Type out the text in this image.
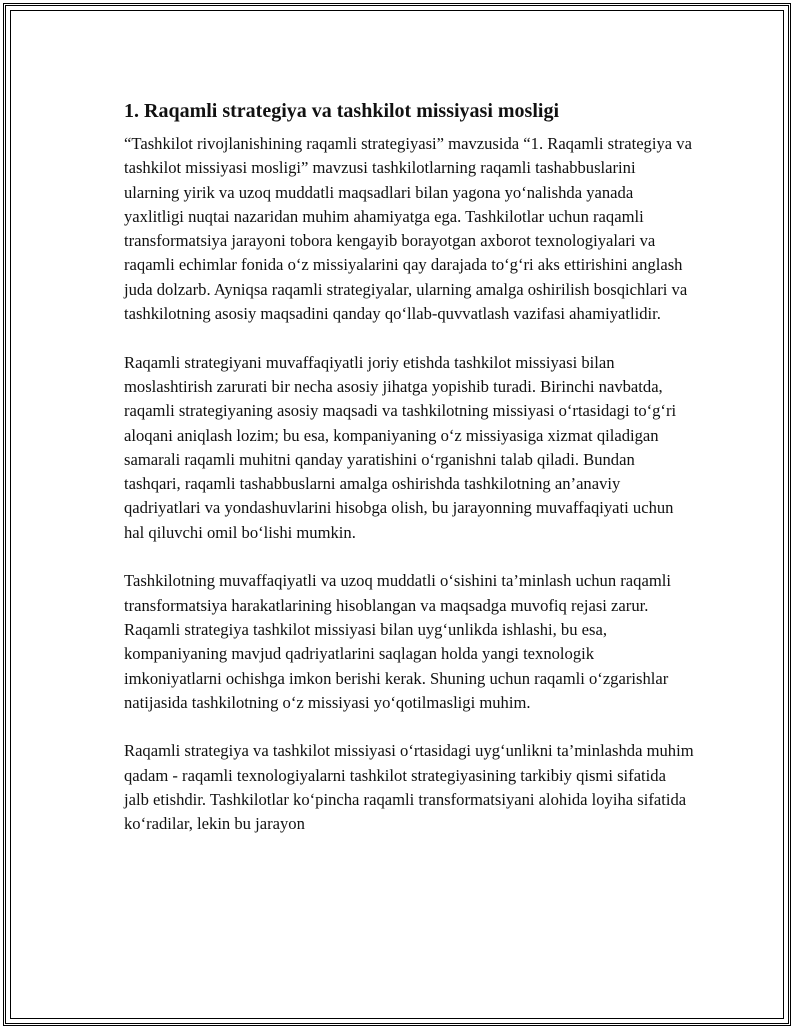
1. Raqamli strategiya va tashkilot missiyasi mosligi

“Tashkilot rivojlanishining raqamli strategiyasi” mavzusida “1. Raqamli strategiya va tashkilot missiyasi mosligi” mavzusi tashkilotlarning raqamli tashabbuslarini ularning yirik va uzoq muddatli maqsadlari bilan yagona yo‘nalishda yanada yaxlitligi nuqtai nazaridan muhim ahamiyatga ega. Tashkilotlar uchun raqamli transformatsiya jarayoni tobora kengayib borayotgan axborot texnologiyalari va raqamli echimlar fonida o‘z missiyalarini qay darajada to‘g‘ri aks ettirishini anglash juda dolzarb. Ayniqsa raqamli strategiyalar, ularning amalga oshirilish bosqichlari va tashkilotning asosiy maqsadini qanday qo‘llab-quvvatlash vazifasi ahamiyatlidir.

Raqamli strategiyani muvaffaqiyatli joriy etishda tashkilot missiyasi bilan moslashtirish zarurati bir necha asosiy jihatga yopishib turadi. Birinchi navbatda, raqamli strategiyaning asosiy maqsadi va tashkilotning missiyasi o‘rtasidagi to‘g‘ri aloqani aniqlash lozim; bu esa, kompaniyaning o‘z missiyasiga xizmat qiladigan samarali raqamli muhitni qanday yaratishini o‘rganishni talab qiladi. Bundan tashqari, raqamli tashabbuslarni amalga oshirishda tashkilotning an’anaviy qadriyatlari va yondashuvlarini hisobga olish, bu jarayonning muvaffaqiyati uchun hal qiluvchi omil bo‘lishi mumkin.

Tashkilotning muvaffaqiyatli va uzoq muddatli o‘sishini ta’minlash uchun raqamli transformatsiya harakatlarining hisoblangan va maqsadga muvofiq rejasi zarur. Raqamli strategiya tashkilot missiyasi bilan uyg‘unlikda ishlashi, bu esa, kompaniyaning mavjud qadriyatlarini saqlagan holda yangi texnologik imkoniyatlarni ochishga imkon berishi kerak. Shuning uchun raqamli o‘zgarishlar natijasida tashkilotning o‘z missiyasi yo‘qotilmasligi muhim.

Raqamli strategiya va tashkilot missiyasi o‘rtasidagi uyg‘unlikni ta’minlashda muhim qadam - raqamli texnologiyalarni tashkilot strategiyasining tarkibiy qismi sifatida jalb etishdir. Tashkilotlar ko‘pincha raqamli transformatsiyani alohida loyiha sifatida ko‘radilar, lekin bu jarayon
